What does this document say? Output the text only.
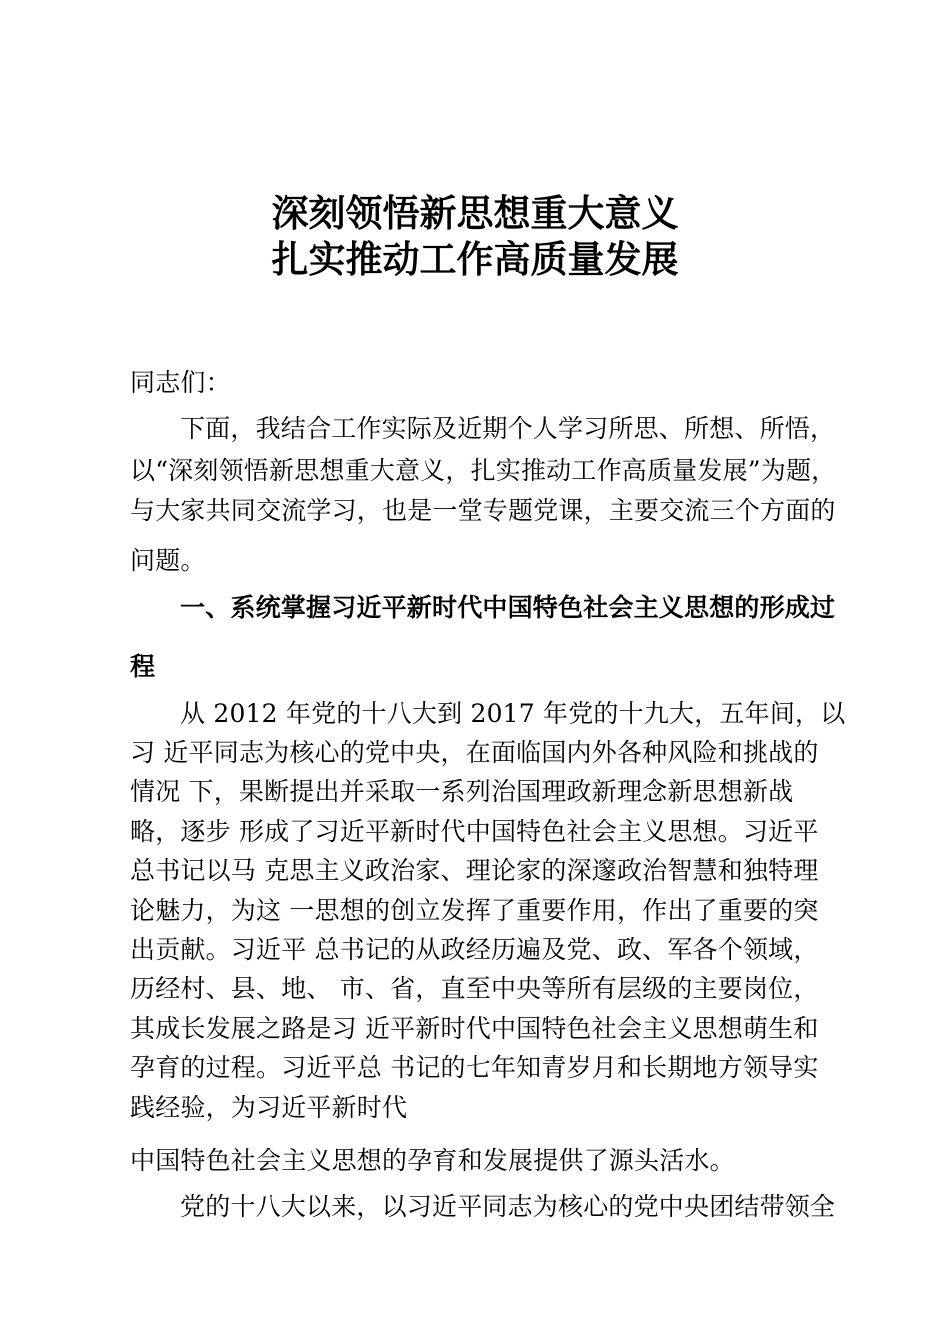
深刻领悟新思想重大意义
扎实推动工作高质量发展
同志们：
下面，我结合工作实际及近期个人学习所思、所想、所悟，
以“深刻领悟新思想重大意义，扎实推动工作高质量发展”为题，
与大家共同交流学习，也是一堂专题党课，主要交流三个方面的
问题。
一、系统掌握习近平新时代中国特色社会主义思想的形成过
程
从 2012 年党的十八大到 2017 年党的十九大，五年间，以
习 近平同志为核心的党中央，在面临国内外各种风险和挑战的
情况 下，果断提出并采取一系列治国理政新理念新思想新战
略，逐步 形成了习近平新时代中国特色社会主义思想。习近平
总书记以马 克思主义政治家、理论家的深邃政治智慧和独特理
论魅力，为这 一思想的创立发挥了重要作用，作出了重要的突
出贡献。习近平 总书记的从政经历遍及党、政、军各个领域，
历经村、县、地、 市、省，直至中央等所有层级的主要岗位，
其成长发展之路是习 近平新时代中国特色社会主义思想萌生和
孕育的过程。习近平总 书记的七年知青岁月和长期地方领导实
践经验，为习近平新时代
中国特色社会主义思想的孕育和发展提供了源头活水。
党的十八大以来，以习近平同志为核心的党中央团结带领全
